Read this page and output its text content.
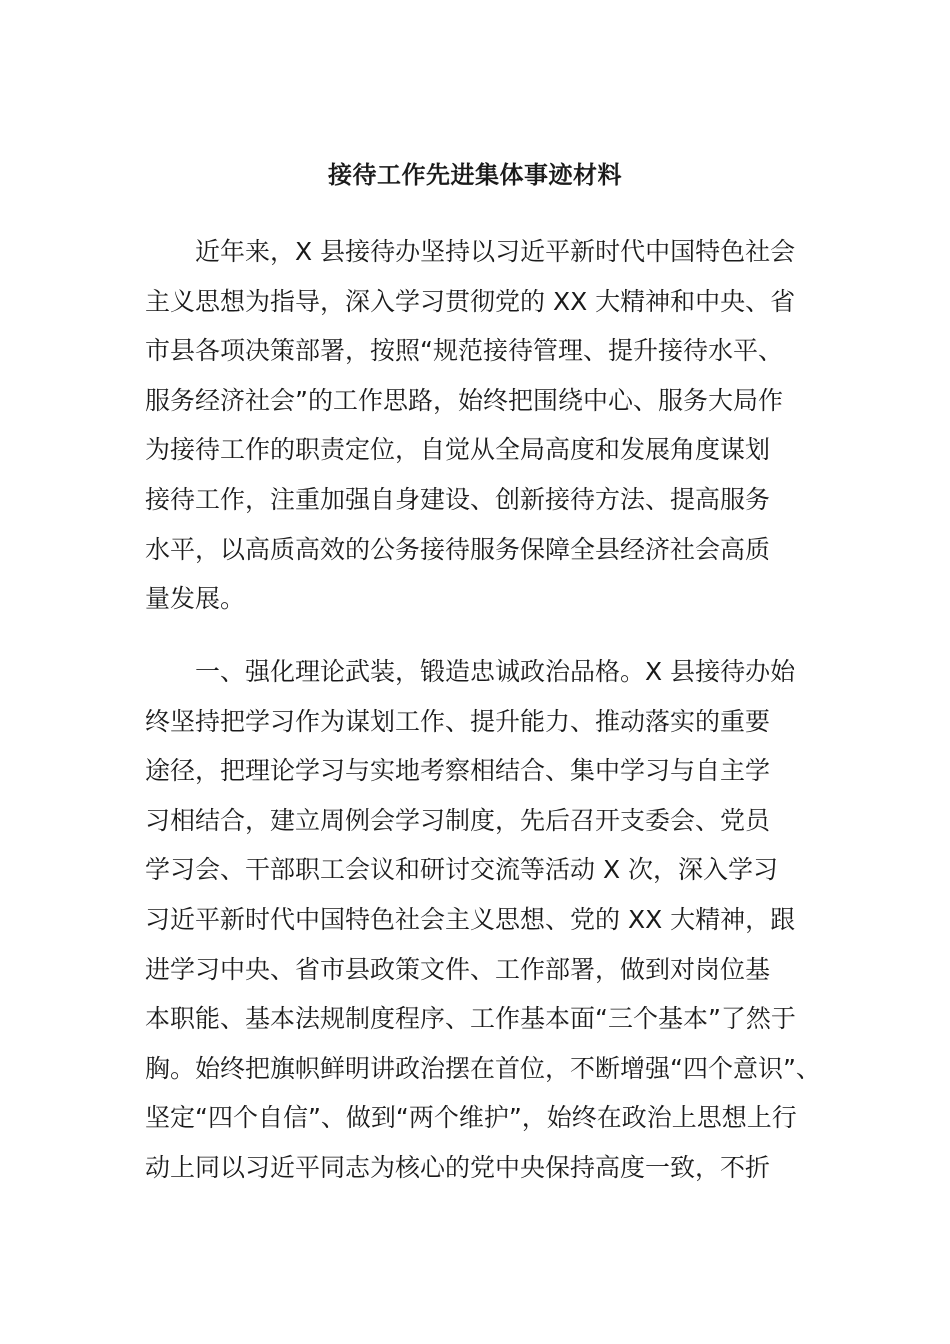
接待工作先进集体事迹材料
近年来，X 县接待办坚持以习近平新时代中国特色社会
主义思想为指导，深入学习贯彻党的 XX 大精神和中央、省
市县各项决策部署，按照“规范接待管理、提升接待水平、
服务经济社会”的工作思路，始终把围绕中心、服务大局作
为接待工作的职责定位，自觉从全局高度和发展角度谋划
接待工作，注重加强自身建设、创新接待方法、提高服务
水平，以高质高效的公务接待服务保障全县经济社会高质
量发展。
一、强化理论武装，锻造忠诚政治品格。X 县接待办始
终坚持把学习作为谋划工作、提升能力、推动落实的重要
途径，把理论学习与实地考察相结合、集中学习与自主学
习相结合，建立周例会学习制度，先后召开支委会、党员
学习会、干部职工会议和研讨交流等活动 X 次，深入学习
习近平新时代中国特色社会主义思想、党的 XX 大精神，跟
进学习中央、省市县政策文件、工作部署，做到对岗位基
本职能、基本法规制度程序、工作基本面“三个基本”了然于
胸。始终把旗帜鲜明讲政治摆在首位，不断增强“四个意识”、
坚定“四个自信”、做到“两个维护”，始终在政治上思想上行
动上同以习近平同志为核心的党中央保持高度一致，不折
